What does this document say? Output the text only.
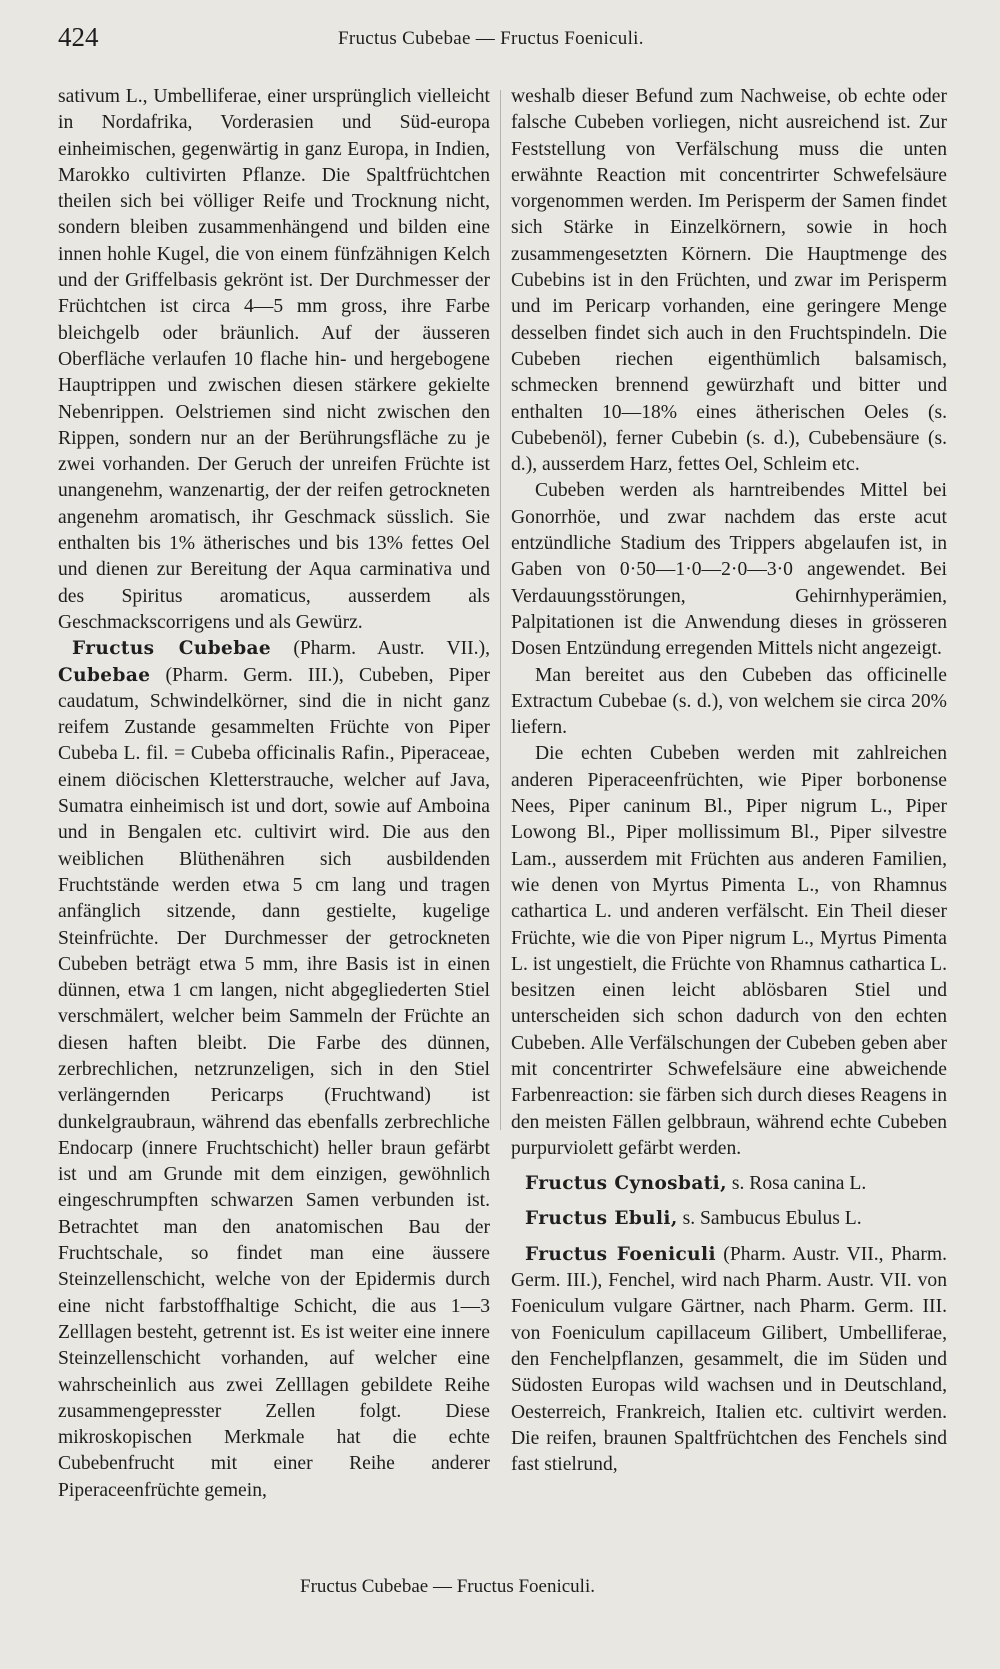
424	Fructus Cubebae — Fructus Foeniculi.

sativum L., Umbelliferae, einer ursprünglich vielleicht in Nordafrika, Vorderasien und Süd-europa einheimischen, gegenwärtig in ganz Europa, in Indien, Marokko cultivirten Pflanze. Die Spaltfrüchtchen theilen sich bei völliger Reife und Trocknung nicht, sondern bleiben zusammenhängend und bilden eine innen hohle Kugel, die von einem fünfzähnigen Kelch und der Griffelbasis gekrönt ist. Der Durchmesser der Früchtchen ist circa 4—5 mm gross, ihre Farbe bleichgelb oder bräunlich. Auf der äusseren Oberfläche verlaufen 10 flache hin- und hergebogene Hauptrippen und zwischen diesen stärkere gekielte Nebenrippen. Oelstriemen sind nicht zwischen den Rippen, sondern nur an der Berührungsfläche zu je zwei vorhanden. Der Geruch der unreifen Früchte ist unangenehm, wanzenartig, der der reifen getrockneten angenehm aromatisch, ihr Geschmack süsslich. Sie enthalten bis 1% ätherisches und bis 13% fettes Oel und dienen zur Bereitung der Aqua carminativa und des Spiritus aromaticus, ausserdem als Geschmackscorrigens und als Gewürz.

Fructus Cubebae (Pharm. Austr. VII.), Cubebae (Pharm. Germ. III.), Cubeben, Piper caudatum, Schwindelkörner, sind die in nicht ganz reifem Zustande gesammelten Früchte von Piper Cubeba L. fil. = Cubeba officinalis Rafin., Piperaceae, einem diöcischen Kletterstrauche, welcher auf Java, Sumatra einheimisch ist und dort, sowie auf Amboina und in Bengalen etc. cultivirt wird. Die aus den weiblichen Blüthenähren sich ausbildenden Fruchtstände werden etwa 5 cm lang und tragen anfänglich sitzende, dann gestielte, kugelige Steinfrüchte. Der Durchmesser der getrockneten Cubeben beträgt etwa 5 mm, ihre Basis ist in einen dünnen, etwa 1 cm langen, nicht abgegliederten Stiel verschmälert, welcher beim Sammeln der Früchte an diesen haften bleibt. Die Farbe des dünnen, zerbrechlichen, netzrunzeligen, sich in den Stiel verlängernden Pericarps (Fruchtwand) ist dunkelgraubraun, während das ebenfalls zerbrechliche Endocarp (innere Fruchtschicht) heller braun gefärbt ist und am Grunde mit dem einzigen, gewöhnlich eingeschrumpften schwarzen Samen verbunden ist. Betrachtet man den anatomischen Bau der Fruchtschale, so findet man eine äussere Steinzellenschicht, welche von der Epidermis durch eine nicht farbstoffhaltige Schicht, die aus 1—3 Zelllagen besteht, getrennt ist. Es ist weiter eine innere Steinzellenschicht vorhanden, auf welcher eine wahrscheinlich aus zwei Zelllagen gebildete Reihe zusammengepresster Zellen folgt. Diese mikroskopischen Merkmale hat die echte Cubebenfrucht mit einer Reihe anderer Piperaceenfrüchte gemein,

weshalb dieser Befund zum Nachweise, ob echte oder falsche Cubeben vorliegen, nicht ausreichend ist. Zur Feststellung von Verfälschung muss die unten erwähnte Reaction mit concentrirter Schwefelsäure vorgenommen werden. Im Perisperm der Samen findet sich Stärke in Einzelkörnern, sowie in hoch zusammengesetzten Körnern. Die Hauptmenge des Cubebins ist in den Früchten, und zwar im Perisperm und im Pericarp vorhanden, eine geringere Menge desselben findet sich auch in den Fruchtspindeln. Die Cubeben riechen eigenthümlich balsamisch, schmecken brennend gewürzhaft und bitter und enthalten 10—18% eines ätherischen Oeles (s. Cubebenöl), ferner Cubebin (s. d.), Cubebensäure (s. d.), ausserdem Harz, fettes Oel, Schleim etc.

Cubeben werden als harntreibendes Mittel bei Gonorrhöe, und zwar nachdem das erste acut entzündliche Stadium des Trippers abgelaufen ist, in Gaben von 0·50—1·0—2·0—3·0 angewendet. Bei Verdauungsstörungen, Gehirnhyperämien, Palpitationen ist die Anwendung dieses in grösseren Dosen Entzündung erregenden Mittels nicht angezeigt.

Man bereitet aus den Cubeben das officinelle Extractum Cubebae (s. d.), von welchem sie circa 20% liefern.

Die echten Cubeben werden mit zahlreichen anderen Piperaceenfrüchten, wie Piper borbonense Nees, Piper caninum Bl., Piper nigrum L., Piper Lowong Bl., Piper mollissimum Bl., Piper silvestre Lam., ausserdem mit Früchten aus anderen Familien, wie denen von Myrtus Pimenta L., von Rhamnus cathartica L. und anderen verfälscht. Ein Theil dieser Früchte, wie die von Piper nigrum L., Myrtus Pimenta L. ist ungestielt, die Früchte von Rhamnus cathartica L. besitzen einen leicht ablösbaren Stiel und unterscheiden sich schon dadurch von den echten Cubeben. Alle Verfälschungen der Cubeben geben aber mit concentrirter Schwefelsäure eine abweichende Farbenreaction: sie färben sich durch dieses Reagens in den meisten Fällen gelbbraun, während echte Cubeben purpurviolett gefärbt werden.

Fructus Cynosbati, s. Rosa canina L.

Fructus Ebuli, s. Sambucus Ebulus L.

Fructus Foeniculi (Pharm. Austr. VII., Pharm. Germ. III.), Fenchel, wird nach Pharm. Austr. VII. von Foeniculum vulgare Gärtner, nach Pharm. Germ. III. von Foeniculum capillaceum Gilibert, Umbelliferae, den Fenchelpflanzen, gesammelt, die im Süden und Südosten Europas wild wachsen und in Deutschland, Oesterreich, Frankreich, Italien etc. cultivirt werden. Die reifen, braunen Spaltfrüchtchen des Fenchels sind fast stielrund,

Fructus Cubebae — Fructus Foeniculi.
